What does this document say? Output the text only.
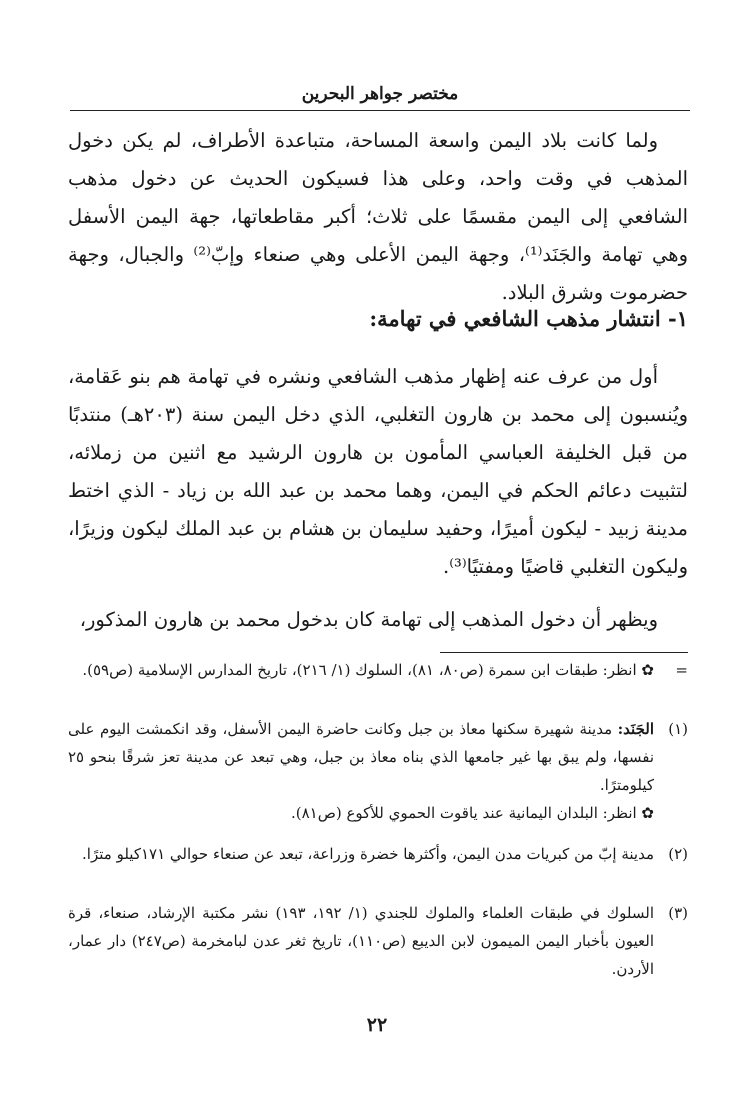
مختصر جواهر البحرين

ولما كانت بلاد اليمن واسعة المساحة، متباعدة الأطراف، لم يكن دخول المذهب في وقت واحد، وعلى هذا فسيكون الحديث عن دخول مذهب الشافعي إلى اليمن مقسمًا على ثلاث؛ أكبر مقاطعاتها، جهة اليمن الأسفل وهي تهامة والجَنَد⁽¹⁾، وجهة اليمن الأعلى وهي صنعاء وإبّ⁽²⁾ والجبال، وجهة حضرموت وشرق البلاد.

١- انتشار مذهب الشافعي في تهامة:

أول من عرف عنه إظهار مذهب الشافعي ونشره في تهامة هم بنو عَقامة، ويُنسبون إلى محمد بن هارون التغلبي، الذي دخل اليمن سنة (٢٠٣هـ) منتدبًا من قبل الخليفة العباسي المأمون بن هارون الرشيد مع اثنين من زملائه، لتثبيت دعائم الحكم في اليمن، وهما محمد بن عبد الله بن زياد - الذي اختط مدينة زبيد - ليكون أميرًا، وحفيد سليمان بن هشام بن عبد الملك ليكون وزيرًا، وليكون التغلبي قاضيًا ومفتيًا⁽³⁾.

ويظهر أن دخول المذهب إلى تهامة كان بدخول محمد بن هارون المذكور،

=
✿ انظر: طبقات ابن سمرة (ص٨٠، ٨١)، السلوك (١/ ٢١٦)، تاريخ المدارس الإسلامية (ص٥٩).
(١)
الجَنَد: مدينة شهيرة سكنها معاذ بن جبل وكانت حاضرة اليمن الأسفل، وقد انكمشت اليوم على نفسها، ولم يبق بها غير جامعها الذي بناه معاذ بن جبل، وهي تبعد عن مدينة تعز شرقًا بنحو ٢٥ كيلومترًا.
✿ انظر: البلدان اليمانية عند ياقوت الحموي للأكوع (ص٨١).
(٢)
مدينة إبّ من كبريات مدن اليمن، وأكثرها خضرة وزراعة، تبعد عن صنعاء حوالي ١٧١كيلو مترًا.
(٣)
السلوك في طبقات العلماء والملوك للجندي (١/ ١٩٢، ١٩٣) نشر مكتبة الإرشاد، صنعاء، قرة العيون بأخبار اليمن الميمون لابن الديبع (ص١١٠)، تاريخ ثغر عدن لبامخرمة (ص٢٤٧) دار عمار، الأردن.
٢٢
